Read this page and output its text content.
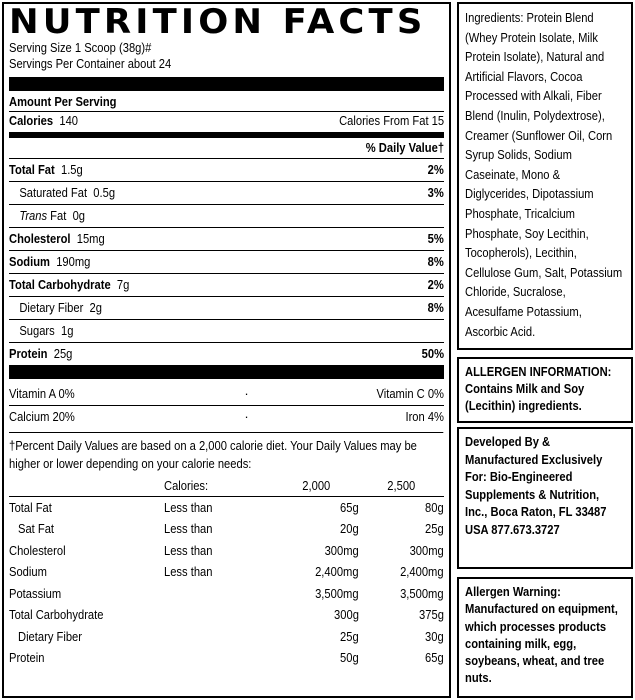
NUTRITION FACTS
Serving Size 1 Scoop (38g)#
Servings Per Container about 24
Amount Per Serving
Calories 140	Calories From Fat 15
% Daily Value†
Total Fat 1.5g	2%
Saturated Fat 0.5g	3%
Trans Fat 0g
Cholesterol 15mg	5%
Sodium 190mg	8%
Total Carbohydrate 7g	2%
Dietary Fiber 2g	8%
Sugars 1g
Protein 25g	50%
Vitamin A 0%	·	Vitamin C 0%
Calcium 20%	·	Iron 4%
†Percent Daily Values are based on a 2,000 calorie diet. Your Daily Values may be higher or lower depending on your calorie needs:
	Calories:	2,000	2,500
Total Fat	Less than	65g	80g
Sat Fat	Less than	20g	25g
Cholesterol	Less than	300mg	300mg
Sodium	Less than	2,400mg	2,400mg
Potassium		3,500mg	3,500mg
Total Carbohydrate		300g	375g
Dietary Fiber		25g	30g
Protein		50g	65g
Ingredients: Protein Blend (Whey Protein Isolate, Milk Protein Isolate), Natural and Artificial Flavors, Cocoa Processed with Alkali, Fiber Blend (Inulin, Polydextrose), Creamer (Sunflower Oil, Corn Syrup Solids, Sodium Caseinate, Mono & Diglycerides, Dipotassium Phosphate, Tricalcium Phosphate, Soy Lecithin, Tocopherols), Lecithin, Cellulose Gum, Salt, Potassium Chloride, Sucralose, Acesulfame Potassium, Ascorbic Acid.
ALLERGEN INFORMATION: Contains Milk and Soy (Lecithin) ingredients.
Developed By & Manufactured Exclusively For: Bio-Engineered Supplements & Nutrition, Inc., Boca Raton, FL 33487 USA 877.673.3727
Allergen Warning: Manufactured on equipment, which processes products containing milk, egg, soybeans, wheat, and tree nuts.
